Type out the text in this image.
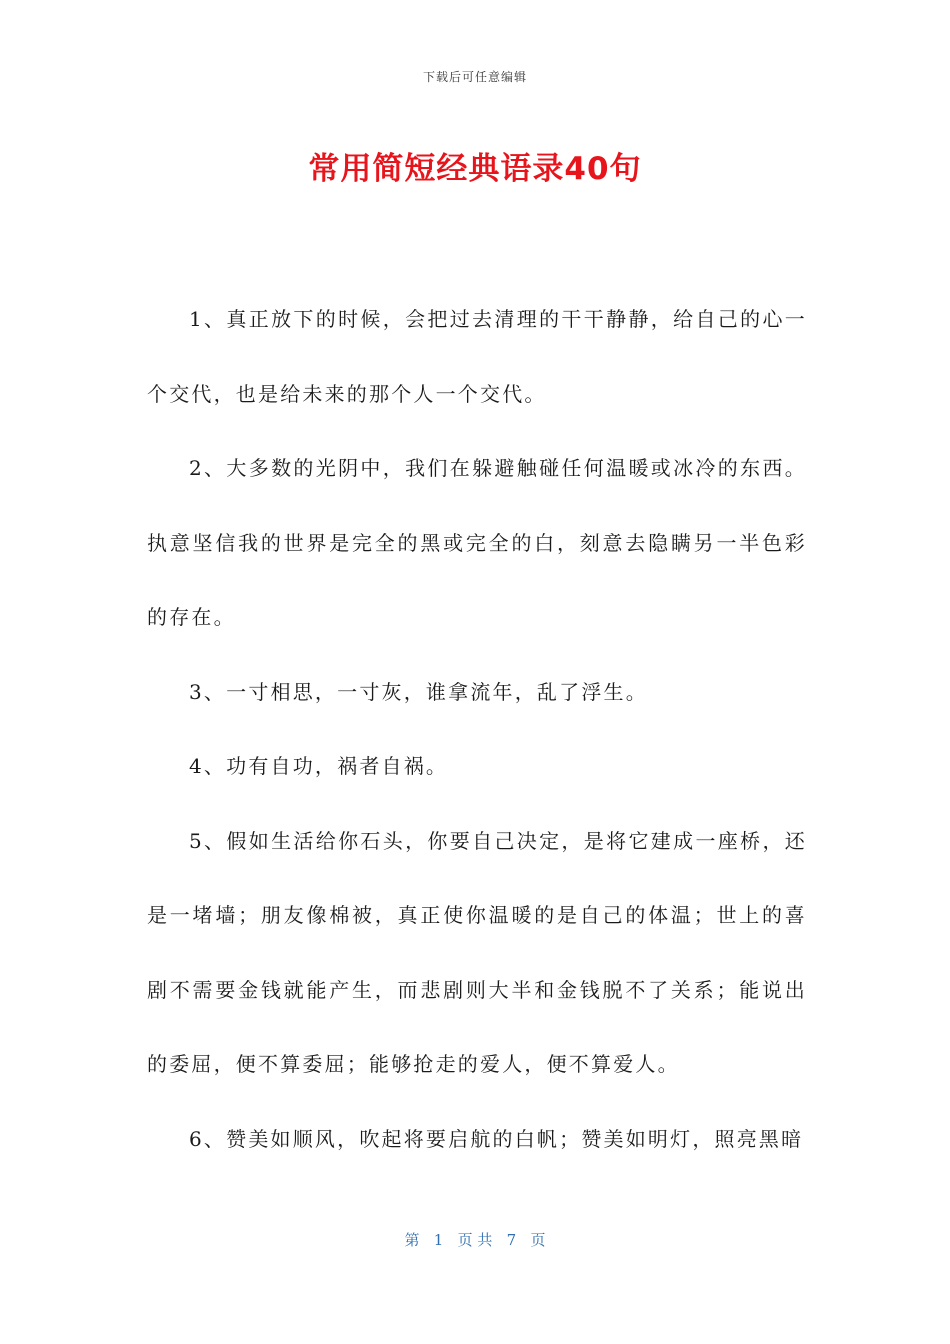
下载后可任意编辑
常用简短经典语录40句

1、真正放下的时候，会把过去清理的干干静静，给自己的心一个交代，也是给未来的那个人一个交代。

2、大多数的光阴中，我们在躲避触碰任何温暖或冰冷的东西。执意坚信我的世界是完全的黑或完全的白，刻意去隐瞒另一半色彩的存在。

3、一寸相思，一寸灰，谁拿流年，乱了浮生。

4、功有自功，祸者自祸。

5、假如生活给你石头，你要自己决定，是将它建成一座桥，还是一堵墙；朋友像棉被，真正使你温暖的是自己的体温；世上的喜剧不需要金钱就能产生，而悲剧则大半和金钱脱不了关系；能说出的委屈，便不算委屈；能够抢走的爱人，便不算爱人。

6、赞美如顺风，吹起将要启航的白帆；赞美如明灯，照亮黑暗

第   1   页 共   7   页
